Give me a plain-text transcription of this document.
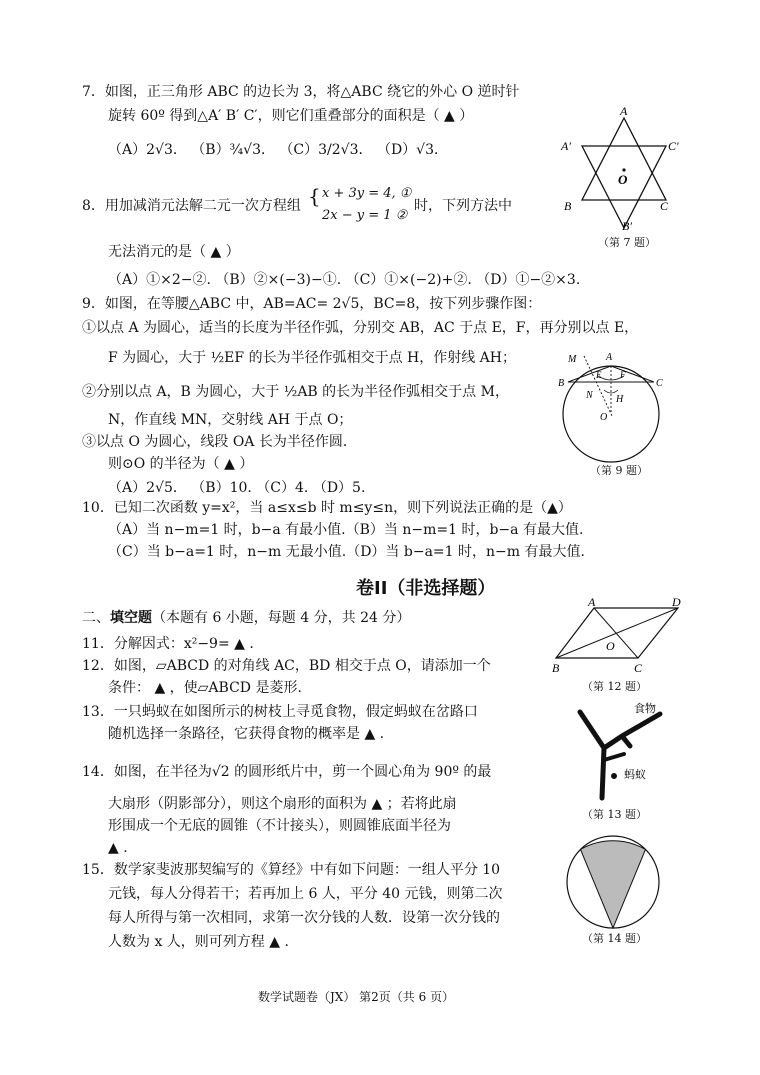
7．如图，正三角形 ABC 的边长为 3，将△ABC 绕它的外心 O 逆时针
旋转 60º 得到△A′ B′ C′，则它们重叠部分的面积是（ ▲ ）
（A）2√3． （B）¾√3． （C）3/2√3． （D）√3．
A
A′	C′
O
B	C
B′
（第 7 题）
8．用加减消元法解二元一次方程组 { x + 3y = 4, ①
2x − y = 1 ②
时，下列方法中
无法消元的是（ ▲ ）
（A）①×2−②. （B）②×(−3)−①. （C）①×(−2)+②. （D）①−②×3.
9．如图，在等腰△ABC 中，AB=AC= 2√5，BC=8，按下列步骤作图：
①以点 A 为圆心，适当的长度为半径作弧，分别交 AB，AC 于点 E，F，再分别以点 E，
F 为圆心，大于 ½EF 的长为半径作弧相交于点 H，作射线 AH；
②分别以点 A，B 为圆心，大于 ½AB 的长为半径作弧相交于点 M，
N，作直线 MN，交射线 AH 于点 O；
③以点 O 为圆心，线段 OA 长为半径作圆．
则⊙O 的半径为（ ▲ ）
（A）2√5． （B）10. （C）4. （D）5.
M	A
E F
B	C
N H
O
（第 9 题）
10．已知二次函数 y=x²，当 a≤x≤b 时 m≤y≤n，则下列说法正确的是（▲）
（A）当 n−m=1 时，b−a 有最小值.（B）当 n−m=1 时，b−a 有最大值.
（C）当 b−a=1 时，n−m 无最小值.（D）当 b−a=1 时，n−m 有最大值.
卷II（非选择题）
二、填空题（本题有 6 小题，每题 4 分，共 24 分）
11．分解因式：x²−9= ▲ .
12．如图，▱ABCD 的对角线 AC，BD 相交于点 O，请添加一个
条件： ▲ ，使▱ABCD 是菱形.
A	D
O
B	C
（第 12 题）
13．一只蚂蚁在如图所示的树枝上寻觅食物，假定蚂蚁在岔路口
随机选择一条路径，它获得食物的概率是 ▲ .
食物
蚂蚁
（第 13 题）
14．如图，在半径为√2 的圆形纸片中，剪一个圆心角为 90º 的最
大扇形（阴影部分），则这个扇形的面积为 ▲ ；若将此扇
形围成一个无底的圆锥（不计接头），则圆锥底面半径为
▲ .
（第 14 题）
15．数学家斐波那契编写的《算经》中有如下问题：一组人平分 10
元钱，每人分得若干；若再加上 6 人，平分 40 元钱，则第二次
每人所得与第一次相同，求第一次分钱的人数．设第一次分钱的
人数为 x 人，则可列方程 ▲ .
数学试题卷（JX） 第2页（共 6 页）
